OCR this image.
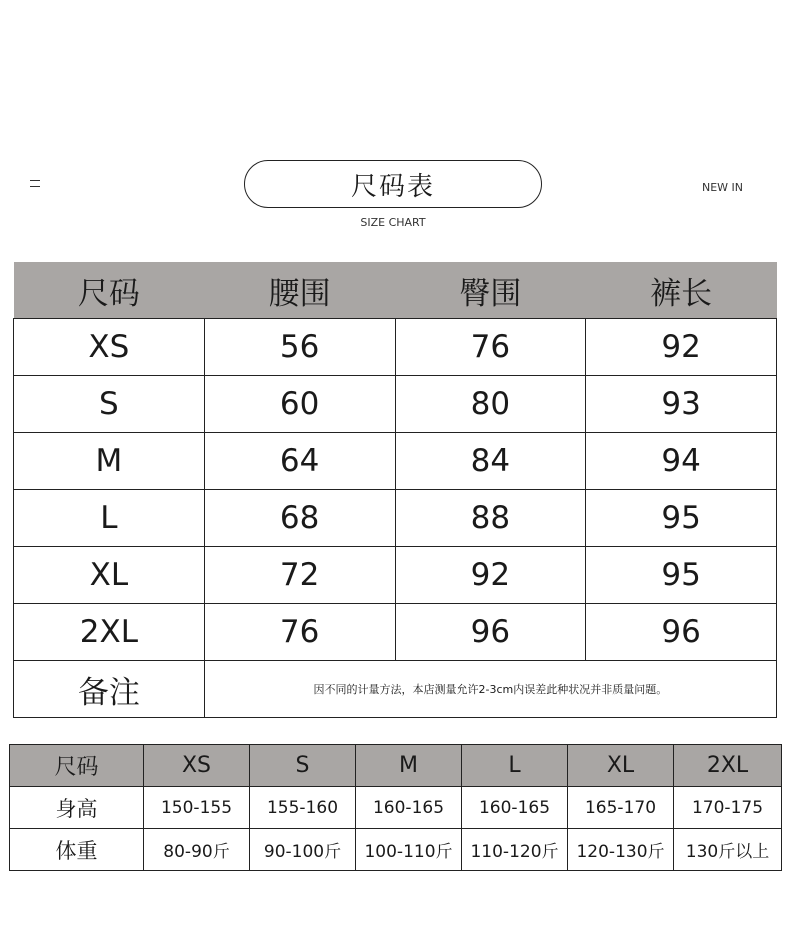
尺码表
SIZE CHART
NEW IN
尺码	腰围	臀围	裤长
XS	56	76	92
S	60	80	93
M	64	84	94
L	68	88	95
XL	72	92	95
2XL	76	96	96
备注	因不同的计量方法，本店测量允许2-3cm内误差此种状况并非质量问题。		
尺码	XS	S	M	L	XL	2XL
身高	150-155	155-160	160-165	160-165	165-170	170-175
体重	80-90斤	90-100斤	100-110斤	110-120斤	120-130斤	130斤以上
